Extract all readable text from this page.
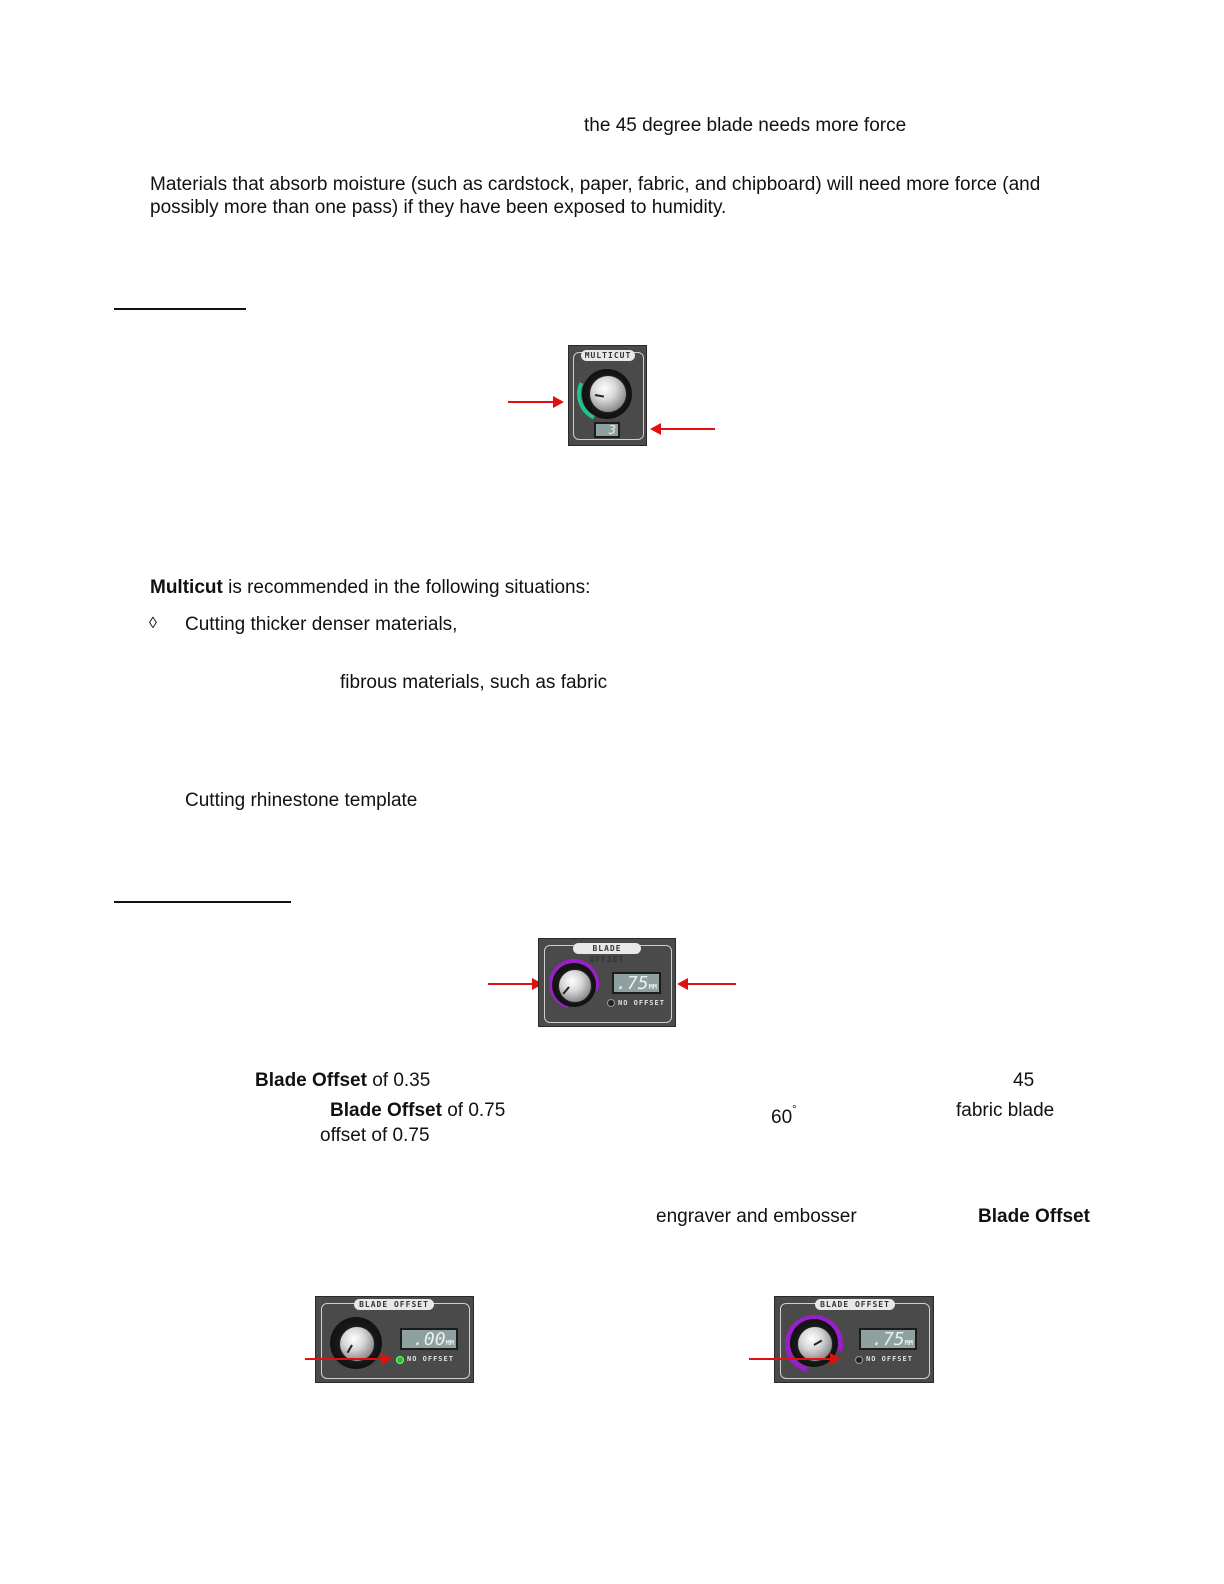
the 45 degree blade needs more force
Materials that absorb moisture (such as cardstock, paper, fabric, and chipboard) will need more force (and
possibly more than one pass) if they have been exposed to humidity.
MULTICUT
3
Multicut is recommended in the following situations:
◊ Cutting thicker denser materials,
fibrous materials, such as fabric
Cutting rhinestone template
BLADE OFFSET
.75MM
NO OFFSET
Blade Offset of 0.35	45
Blade Offset of 0.75	60°	fabric blade
offset of 0.75
engraver and embosser	Blade Offset
BLADE OFFSET
.00MM
NO OFFSET
BLADE OFFSET
.75MM
NO OFFSET
